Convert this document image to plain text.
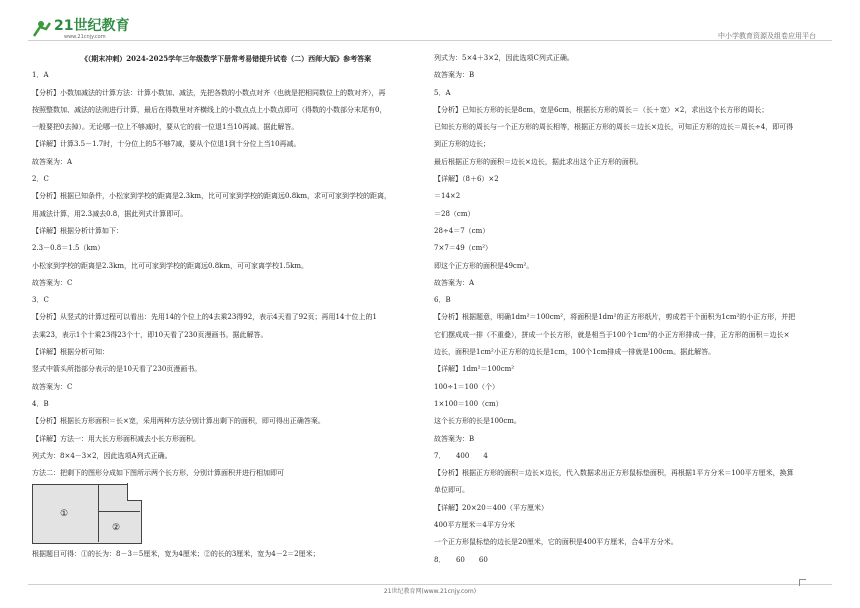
21世纪教育
www.21cnjy.com	中小学教育资源及组卷应用平台
《（期末冲刺）2024-2025学年三年级数学下册常考易错提升试卷（二）西师大版》参考答案
1．A
【分析】小数加减法的计算方法：计算小数加、减法，先把各数的小数点对齐（也就是把相同数位上的数对齐），再
按照整数加、减法的法则进行计算，最后在得数里对齐横线上的小数点点上小数点即可（得数的小数部分末尾有0，
一般要把0去掉）。无论哪一位上不够减时，要从它的前一位退1当10再减。据此解答。
【详解】计算3.5－1.7时，十分位上的5不够7减，要从个位退1到十分位上当10再减。
故答案为：A
2．C
【分析】根据已知条件，小松家到学校的距离是2.3km，比可可家到学校的距离远0.8km，求可可家到学校的距离，
用减法计算，用2.3减去0.8，据此列式计算即可。
【详解】根据分析计算如下：
2.3－0.8＝1.5（km）
小松家到学校的距离是2.3km，比可可家到学校的距离远0.8km，可可家离学校1.5km。
故答案为：C
3．C
【分析】从竖式的计算过程可以看出：先用14的个位上的4去乘23得92，表示4天看了92页；再用14十位上的1
去乘23，表示1个十乘23得23个十，即10天看了230页漫画书。据此解答。
【详解】根据分析可知：
竖式中箭头所指部分表示的是10天看了230页漫画书。
故答案为：C
4．B
【分析】根据长方形面积＝长×宽，采用两种方法分别计算出剩下的面积，即可得出正确答案。
【详解】方法一：用大长方形面积减去小长方形面积。
列式为：8×4－3×2，因此选项A列式正确。
方法二：把剩下的图形分成如下图所示两个长方形，分别计算面积并进行相加即可
①
②
根据题目可得：①的长为：8－3＝5厘米，宽为4厘米；②的长的3厘米，宽为4－2＝2厘米；
列式为：5×4＋3×2，因此选项C列式正确。
故答案为：B
5．A
【分析】已知长方形的长是8cm，宽是6cm，根据长方形的周长＝（长＋宽）×2，求出这个长方形的周长；
已知长方形的周长与一个正方形的周长相等，根据正方形的周长＝边长×边长，可知正方形的边长＝周长÷4，即可得
到正方形的边长；
最后根据正方形的面积＝边长×边长，据此求出这个正方形的面积。
【详解】（8＋6）×2
＝14×2
＝28（cm）
28÷4＝7（cm）
7×7＝49（cm²）
即这个正方形的面积是49cm²。
故答案为：A
6．B
【分析】根据题意，明确1dm²＝100cm²，将面积是1dm²的正方形纸片，剪成若干个面积为1cm²的小正方形，并把
它们摆成成一排（不重叠），拼成一个长方形，就是相当于100个1cm²的小正方形排成一排，正方形的面积＝边长×
边长，面积是1cm²小正方形的边长是1cm，100个1cm排成一排就是100cm。据此解答。
【详解】1dm²＝100cm²
100÷1＝100（个）
1×100＝100（cm）
这个长方形的长是100cm。
故答案为：B
7．　　400　　4
【分析】根据正方形的面积＝边长×边长，代入数据求出正方形鼠标垫面积，再根据1平方分米＝100平方厘米，换算
单位即可。
【详解】20×20＝400（平方厘米）
400平方厘米＝4平方分米
一个正方形鼠标垫的边长是20厘米，它的面积是400平方厘米，合4平方分米。
8．　　60　　60
21世纪教育网(www.21cnjy.com)
